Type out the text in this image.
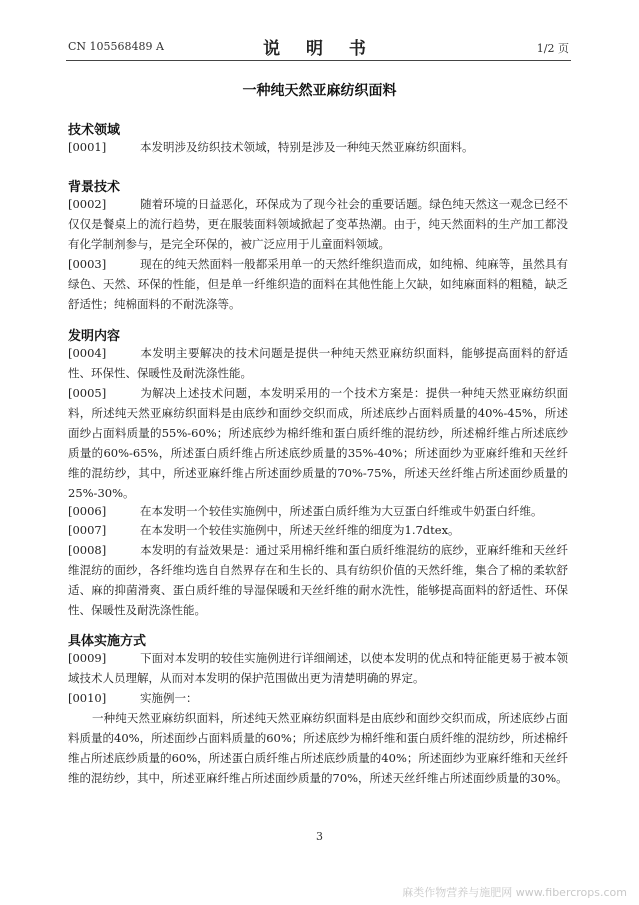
CN 105568489 A	说 明 书	1/2 页
一种纯天然亚麻纺织面料
技术领域
[0001]	本发明涉及纺织技术领域，特别是涉及一种纯天然亚麻纺织面料。
背景技术
[0002]	随着环境的日益恶化，环保成为了现今社会的重要话题。绿色纯天然这一观念已经不仅仅是餐桌上的流行趋势，更在服装面料领域掀起了变革热潮。由于，纯天然面料的生产加工都没有化学制剂参与，是完全环保的，被广泛应用于儿童面料领域。
[0003]	现在的纯天然面料一般都采用单一的天然纤维织造而成，如纯棉、纯麻等，虽然具有绿色、天然、环保的性能，但是单一纤维织造的面料在其他性能上欠缺，如纯麻面料的粗糙，缺乏舒适性；纯棉面料的不耐洗涤等。
发明内容
[0004]	本发明主要解决的技术问题是提供一种纯天然亚麻纺织面料，能够提高面料的舒适性、环保性、保暖性及耐洗涤性能。
[0005]	为解决上述技术问题，本发明采用的一个技术方案是：提供一种纯天然亚麻纺织面料，所述纯天然亚麻纺织面料是由底纱和面纱交织而成，所述底纱占面料质量的40%-45%，所述面纱占面料质量的55%-60%；所述底纱为棉纤维和蛋白质纤维的混纺纱，所述棉纤维占所述底纱质量的60%-65%，所述蛋白质纤维占所述底纱质量的35%-40%；所述面纱为亚麻纤维和天丝纤维的混纺纱，其中，所述亚麻纤维占所述面纱质量的70%-75%，所述天丝纤维占所述面纱质量的25%-30%。
[0006]	在本发明一个较佳实施例中，所述蛋白质纤维为大豆蛋白纤维或牛奶蛋白纤维。
[0007]	在本发明一个较佳实施例中，所述天丝纤维的细度为1.7dtex。
[0008]	本发明的有益效果是：通过采用棉纤维和蛋白质纤维混纺的底纱，亚麻纤维和天丝纤维混纺的面纱，各纤维均选自自然界存在和生长的、具有纺织价值的天然纤维，集合了棉的柔软舒适、麻的抑菌滑爽、蛋白质纤维的导湿保暖和天丝纤维的耐水洗性，能够提高面料的舒适性、环保性、保暖性及耐洗涤性能。
具体实施方式
[0009]	下面对本发明的较佳实施例进行详细阐述，以使本发明的优点和特征能更易于被本领域技术人员理解，从而对本发明的保护范围做出更为清楚明确的界定。
[0010]	实施例一：
一种纯天然亚麻纺织面料，所述纯天然亚麻纺织面料是由底纱和面纱交织而成，所述底纱占面料质量的40%，所述面纱占面料质量的60%；所述底纱为棉纤维和蛋白质纤维的混纺纱，所述棉纤维占所述底纱质量的60%，所述蛋白质纤维占所述底纱质量的40%；所述面纱为亚麻纤维和天丝纤维的混纺纱，其中，所述亚麻纤维占所述面纱质量的70%，所述天丝纤维占所述面纱质量的30%。
3
麻类作物营养与施肥网 www.fibercrops.com
